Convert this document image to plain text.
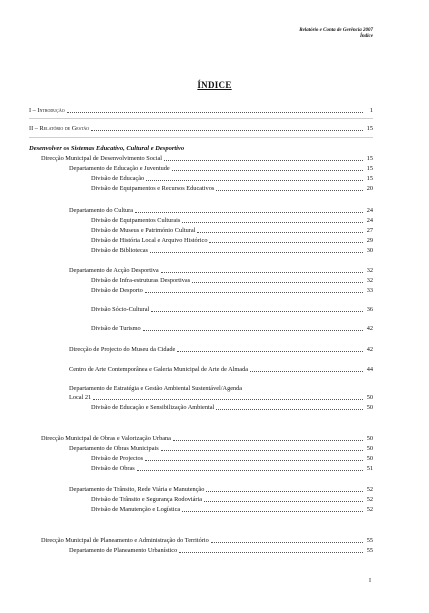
Relatório e Conta de Gerência 2007
Índice
ÍNDICE
I – Introdução	1
II – Relatório de Gestão	15
Desenvolver os Sistemas Educativo, Cultural e Desportivo
Direcção Municipal de Desenvolvimento Social	15
Departamento de Educação e Juventude	15
Divisão de Educação	15
Divisão de Equipamentos e Recursos Educativos	20
Departamento do Cultura	24
Divisão de Equipamentos Culturais	24
Divisão de Museus e Património Cultural	27
Divisão de História Local e Arquivo Histórico	29
Divisão de Bibliotecas	30
Departamento de Acção Desportiva	32
Divisão de Infra-estruturas Desportivas	32
Divisão de Desporto	33
Divisão Sócio-Cultural	36
Divisão de Turismo	42
Direcção de Projecto do Museu da Cidade	42
Centro de Arte Contemporânea e Galeria Municipal de Arte de Almada	44
Departamento de Estratégia e Gestão Ambiental Sustentável/Agenda
Local 21	50
Divisão de Educação e Sensibilização Ambiental	50
Direcção Municipal de Obras e Valorização Urbana	50
Departamento de Obras Municipais	50
Divisão de Projectos	50
Divisão de Obras	51
Departamento de Trânsito, Rede Viária e Manutenção	52
Divisão de Trânsito e Segurança Rodoviária	52
Divisão de Manutenção e Logística	52
Direcção Municipal de Planeamento e Administração do Território	55
Departamento de Planeamento Urbanístico	55
I
